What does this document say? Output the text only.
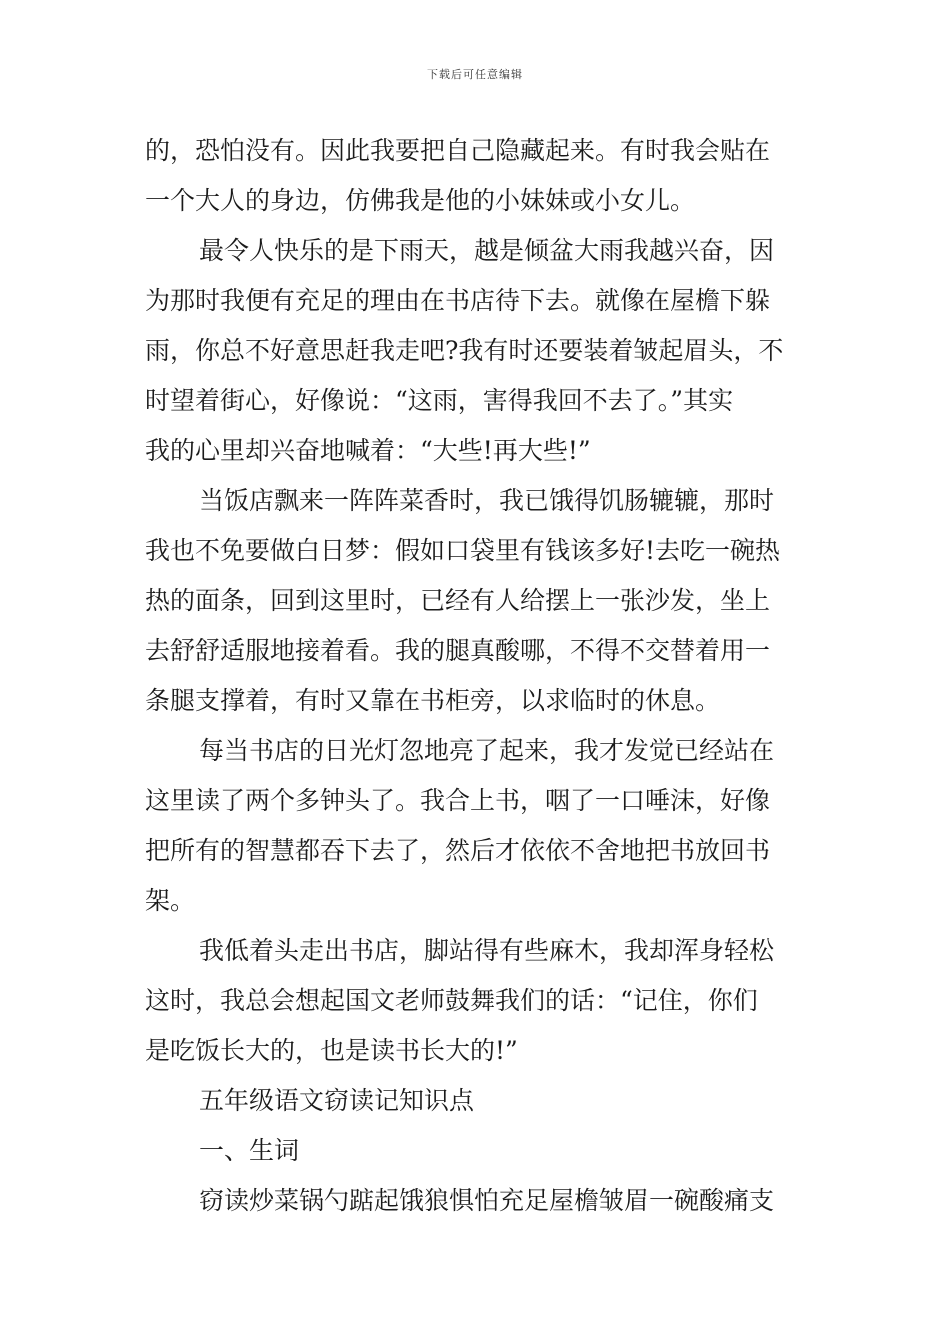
下载后可任意编辑
的，恐怕没有。因此我要把自己隐藏起来。有时我会贴在
一个大人的身边，仿佛我是他的小妹妹或小女儿。
最令人快乐的是下雨天，越是倾盆大雨我越兴奋，因
为那时我便有充足的理由在书店待下去。就像在屋檐下躲
雨，你总不好意思赶我走吧?我有时还要装着皱起眉头，不
时望着街心，好像说：“这雨，害得我回不去了。”其实
我的心里却兴奋地喊着：“大些!再大些!”
当饭店飘来一阵阵菜香时，我已饿得饥肠辘辘，那时
我也不免要做白日梦：假如口袋里有钱该多好!去吃一碗热
热的面条，回到这里时，已经有人给摆上一张沙发，坐上
去舒舒适服地接着看。我的腿真酸哪，不得不交替着用一
条腿支撑着，有时又靠在书柜旁，以求临时的休息。
每当书店的日光灯忽地亮了起来，我才发觉已经站在
这里读了两个多钟头了。我合上书，咽了一口唾沫，好像
把所有的智慧都吞下去了，然后才依依不舍地把书放回书
架。
我低着头走出书店，脚站得有些麻木，我却浑身轻松
这时，我总会想起国文老师鼓舞我们的话：“记住，你们
是吃饭长大的，也是读书长大的!”
五年级语文窃读记知识点
一、生词
窃读炒菜锅勺踮起饿狼惧怕充足屋檐皱眉一碗酸痛支
